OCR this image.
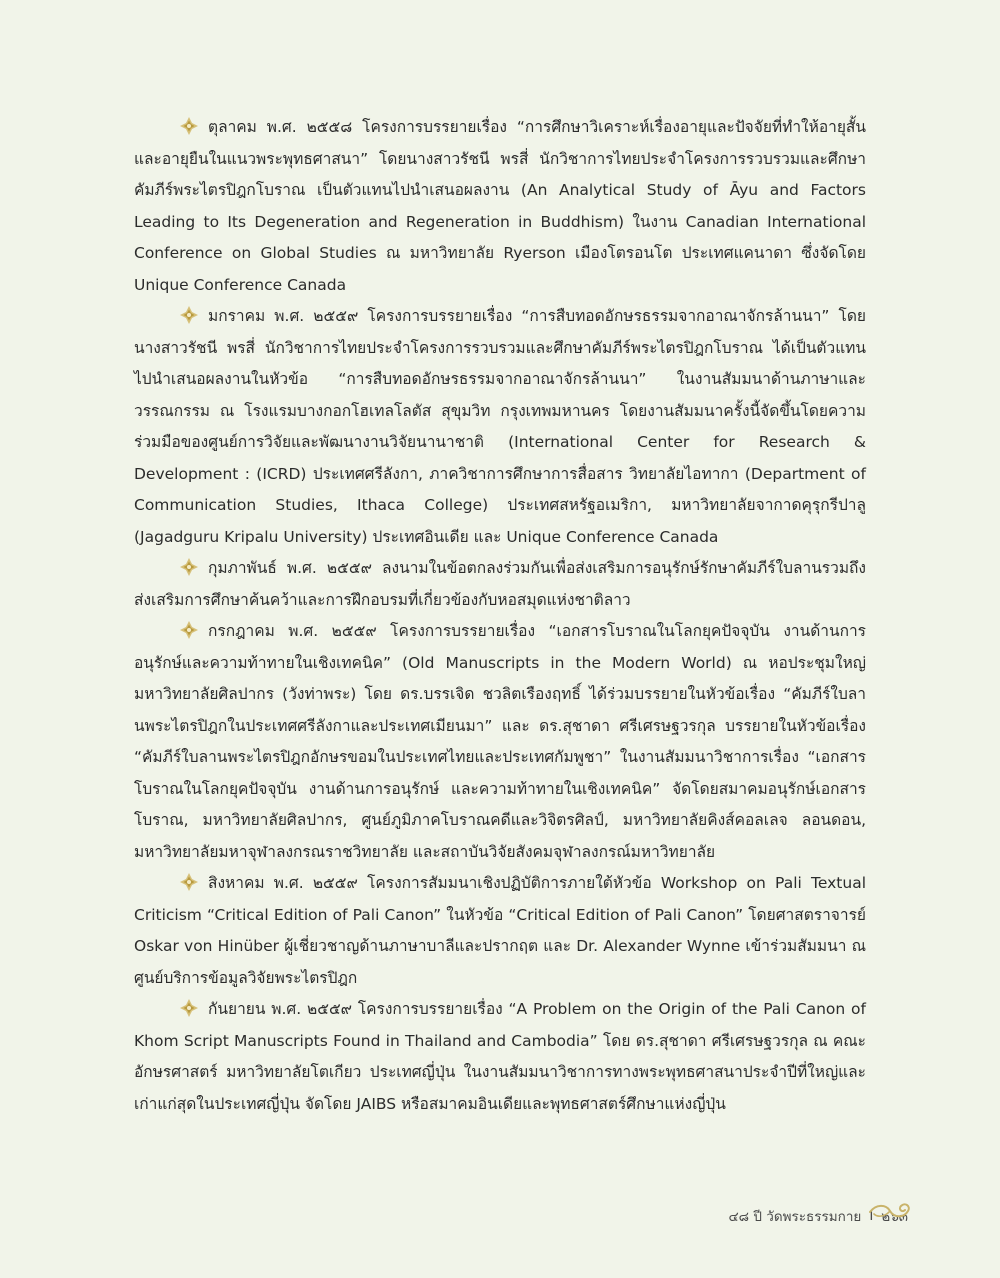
ตุลาคม พ.ศ. ๒๕๕๘ โครงการบรรยายเรื่อง “การศึกษาวิเคราะห์เรื่องอายุและปัจจัยที่ทำให้อายุสั้นและอายุยืนในแนวพระพุทธศาสนา” โดยนางสาวรัชนี พรสี่ นักวิชาการไทยประจำโครงการรวบรวมและศึกษาคัมภีร์พระไตรปิฎกโบราณ เป็นตัวแทนไปนำเสนอผลงาน (An Analytical Study of Āyu and Factors Leading to Its Degeneration and Regeneration in Buddhism) ในงาน Canadian International Conference on Global Studies ณ มหาวิทยาลัย Ryerson เมืองโตรอนโต ประเทศแคนาดา ซึ่งจัดโดย Unique Conference Canada

มกราคม พ.ศ. ๒๕๕๙ โครงการบรรยายเรื่อง “การสืบทอดอักษรธรรมจากอาณาจักรล้านนา” โดยนางสาวรัชนี พรสี่ นักวิชาการไทยประจำโครงการรวบรวมและศึกษาคัมภีร์พระไตรปิฎกโบราณ ได้เป็นตัวแทนไปนำเสนอผลงานในหัวข้อ “การสืบทอดอักษรธรรมจากอาณาจักรล้านนา” ในงานสัมมนาด้านภาษาและวรรณกรรม ณ โรงแรมบางกอกโฮเทลโลตัส สุขุมวิท กรุงเทพมหานคร โดยงานสัมมนาครั้งนี้จัดขึ้นโดยความร่วมมือของศูนย์การวิจัยและพัฒนางานวิจัยนานาชาติ (International Center for Research & Development : (ICRD) ประเทศศรีลังกา, ภาควิชาการศึกษาการสื่อสาร วิทยาลัยไอทากา (Department of Communication Studies, Ithaca College) ประเทศสหรัฐอเมริกา, มหาวิทยาลัยจากาดคุรุกรีปาลู (Jagadguru Kripalu University) ประเทศอินเดีย และ Unique Conference Canada

กุมภาพันธ์ พ.ศ. ๒๕๕๙ ลงนามในข้อตกลงร่วมกันเพื่อส่งเสริมการอนุรักษ์รักษาคัมภีร์ใบลานรวมถึงส่งเสริมการศึกษาค้นคว้าและการฝึกอบรมที่เกี่ยวข้องกับหอสมุดแห่งชาติลาว

กรกฎาคม พ.ศ. ๒๕๕๙ โครงการบรรยายเรื่อง “เอกสารโบราณในโลกยุคปัจจุบัน งานด้านการอนุรักษ์และความท้าทายในเชิงเทคนิค” (Old Manuscripts in the Modern World) ณ หอประชุมใหญ่มหาวิทยาลัยศิลปากร (วังท่าพระ) โดย ดร.บรรเจิด ชวลิตเรืองฤทธิ์ ได้ร่วมบรรยายในหัวข้อเรื่อง “คัมภีร์ใบลานพระไตรปิฎกในประเทศศรีลังกาและประเทศเมียนมา” และ ดร.สุชาดา ศรีเศรษฐวรกุล บรรยายในหัวข้อเรื่อง “คัมภีร์ใบลานพระไตรปิฎกอักษรขอมในประเทศไทยและประเทศกัมพูชา” ในงานสัมมนาวิชาการเรื่อง “เอกสารโบราณในโลกยุคปัจจุบัน งานด้านการอนุรักษ์ และความท้าทายในเชิงเทคนิค” จัดโดยสมาคมอนุรักษ์เอกสารโบราณ, มหาวิทยาลัยศิลปากร, ศูนย์ภูมิภาคโบราณคดีและวิจิตรศิลป์, มหาวิทยาลัยคิงส์คอลเลจ ลอนดอน, มหาวิทยาลัยมหาจุฬาลงกรณราชวิทยาลัย และสถาบันวิจัยสังคมจุฬาลงกรณ์มหาวิทยาลัย

สิงหาคม พ.ศ. ๒๕๕๙ โครงการสัมมนาเชิงปฏิบัติการภายใต้หัวข้อ Workshop on Pali Textual Criticism “Critical Edition of Pali Canon” ในหัวข้อ “Critical Edition of Pali Canon” โดยศาสตราจารย์ Oskar von Hinüber ผู้เชี่ยวชาญด้านภาษาบาลีและปรากฤต และ Dr. Alexander Wynne เข้าร่วมสัมมนา ณ ศูนย์บริการข้อมูลวิจัยพระไตรปิฎก

กันยายน พ.ศ. ๒๕๕๙ โครงการบรรยายเรื่อง “A Problem on the Origin of the Pali Canon of Khom Script Manuscripts Found in Thailand and Cambodia” โดย ดร.สุชาดา ศรีเศรษฐวรกุล ณ คณะอักษรศาสตร์ มหาวิทยาลัยโตเกียว ประเทศญี่ปุ่น ในงานสัมมนาวิชาการทางพระพุทธศาสนาประจำปีที่ใหญ่และเก่าแก่สุดในประเทศญี่ปุ่น จัดโดย JAIBS หรือสมาคมอินเดียและพุทธศาสตร์ศึกษาแห่งญี่ปุ่น

๔๘ ปี วัดพระธรรมกาย I ๒๖๓
